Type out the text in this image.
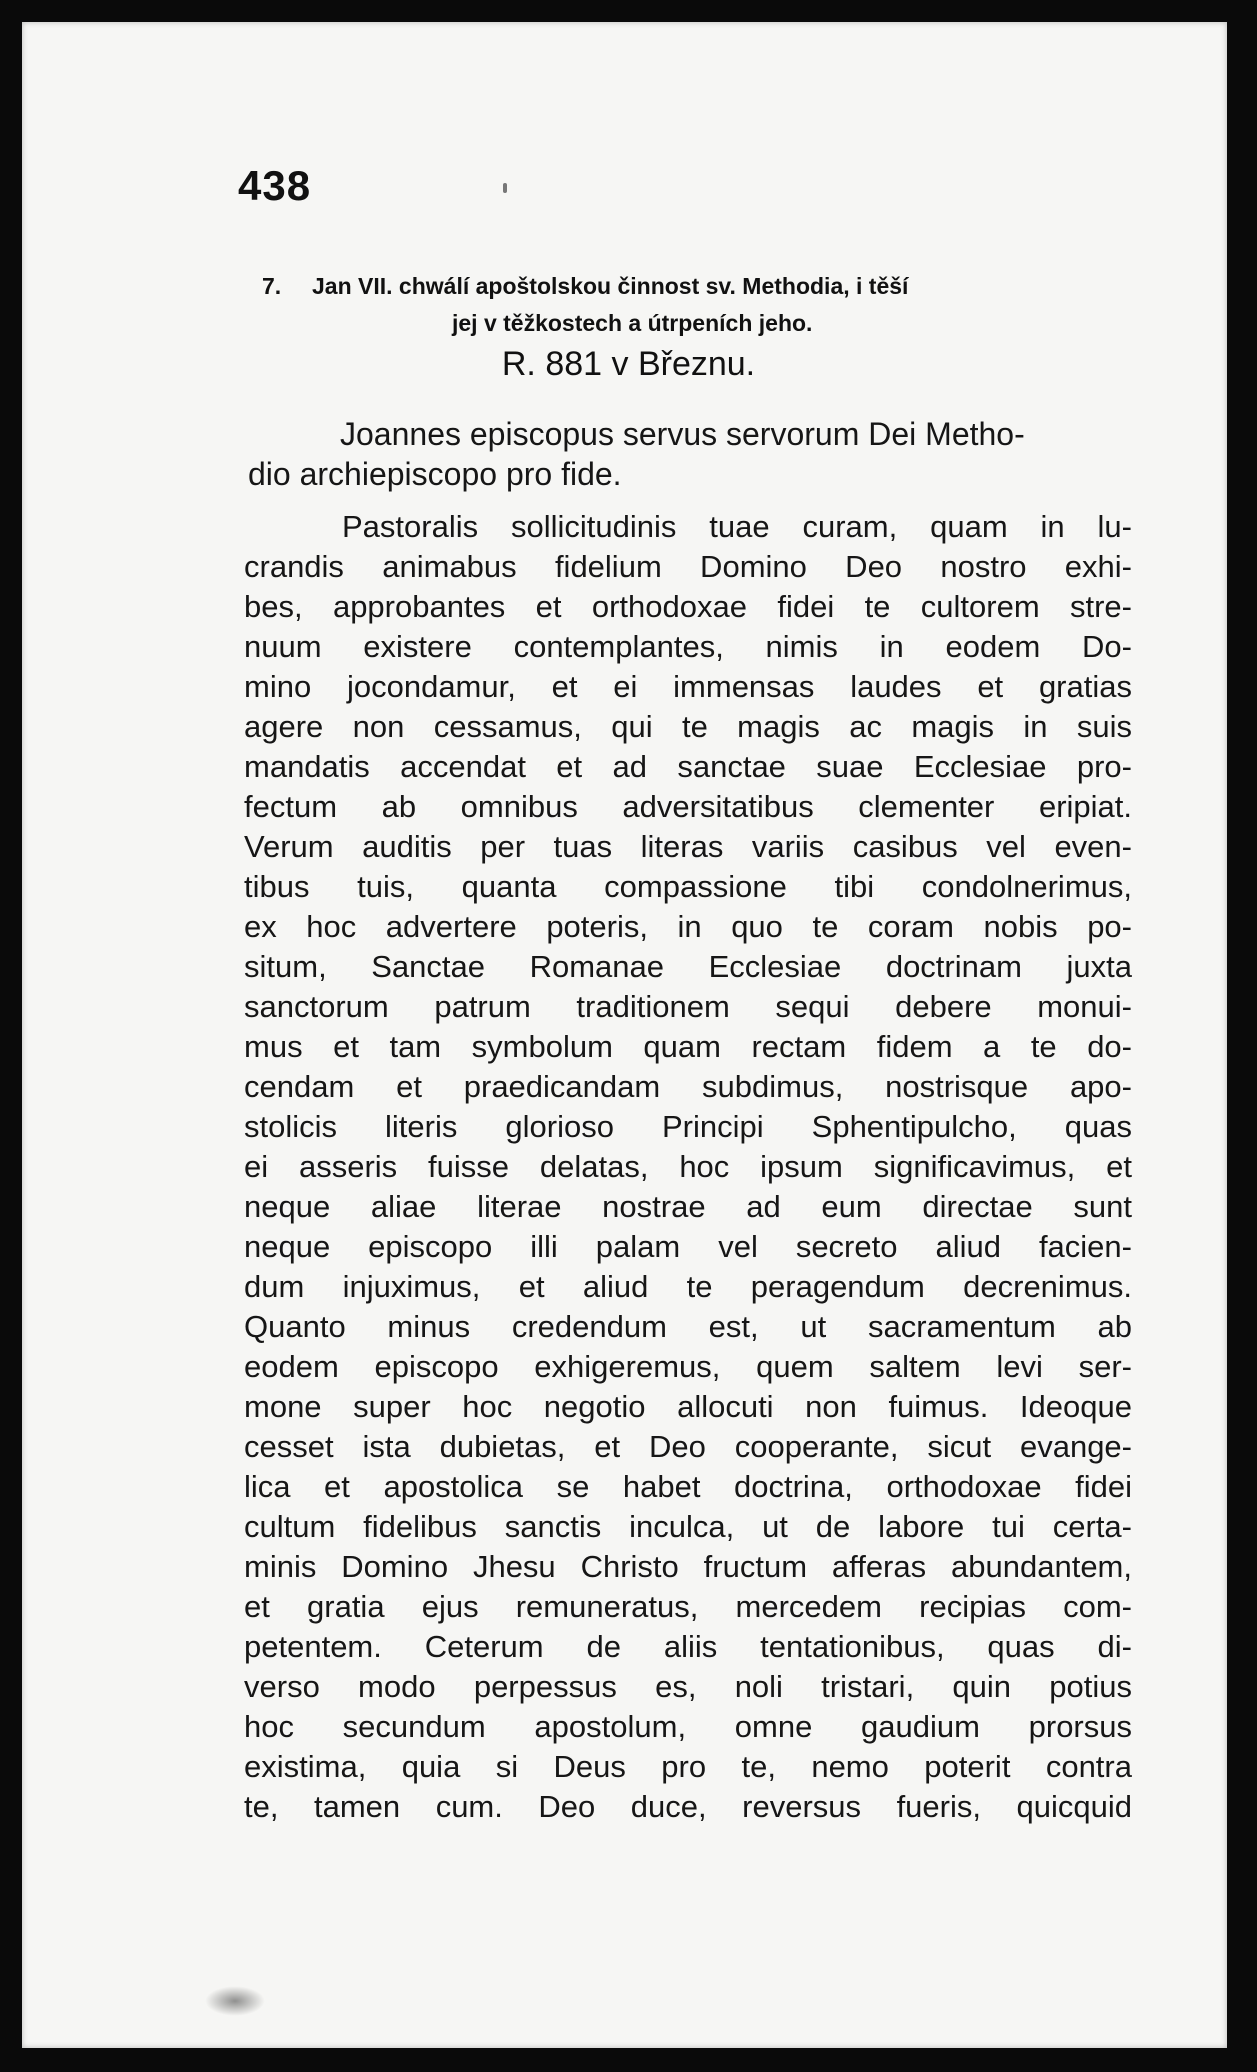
438
7. Jan VII. chwálí apoštolskou činnost sv. Methodia, i těší
jej v těžkostech a útrpeních jeho.
R. 881 v Březnu.
Joannes episcopus servus servorum Dei Metho-
dio archiepiscopo pro fide.
Pastoralis sollicitudinis tuae curam, quam in lu-
crandis animabus fidelium Domino Deo nostro exhi-
bes, approbantes et orthodoxae fidei te cultorem stre-
nuum existere contemplantes, nimis in eodem Do-
mino jocondamur, et ei immensas laudes et gratias
agere non cessamus, qui te magis ac magis in suis
mandatis accendat et ad sanctae suae Ecclesiae pro-
fectum ab omnibus adversitatibus clementer eripiat.
Verum auditis per tuas literas variis casibus vel even-
tibus tuis, quanta compassione tibi condolnerimus,
ex hoc advertere poteris, in quo te coram nobis po-
situm, Sanctae Romanae Ecclesiae doctrinam juxta
sanctorum patrum traditionem sequi debere monui-
mus et tam symbolum quam rectam fidem a te do-
cendam et praedicandam subdimus, nostrisque apo-
stolicis literis glorioso Principi Sphentipulcho, quas
ei asseris fuisse delatas, hoc ipsum significavimus, et
neque aliae literae nostrae ad eum directae sunt
neque episcopo illi palam vel secreto aliud facien-
dum injuximus, et aliud te peragendum decrenimus.
Quanto minus credendum est, ut sacramentum ab
eodem episcopo exhigeremus, quem saltem levi ser-
mone super hoc negotio allocuti non fuimus. Ideoque
cesset ista dubietas, et Deo cooperante, sicut evange-
lica et apostolica se habet doctrina, orthodoxae fidei
cultum fidelibus sanctis inculca, ut de labore tui certa-
minis Domino Jhesu Christo fructum afferas abundantem,
et gratia ejus remuneratus, mercedem recipias com-
petentem. Ceterum de aliis tentationibus, quas di-
verso modo perpessus es, noli tristari, quin potius
hoc secundum apostolum, omne gaudium prorsus
existima, quia si Deus pro te, nemo poterit contra
te, tamen cum. Deo duce, reversus fueris, quicquid
